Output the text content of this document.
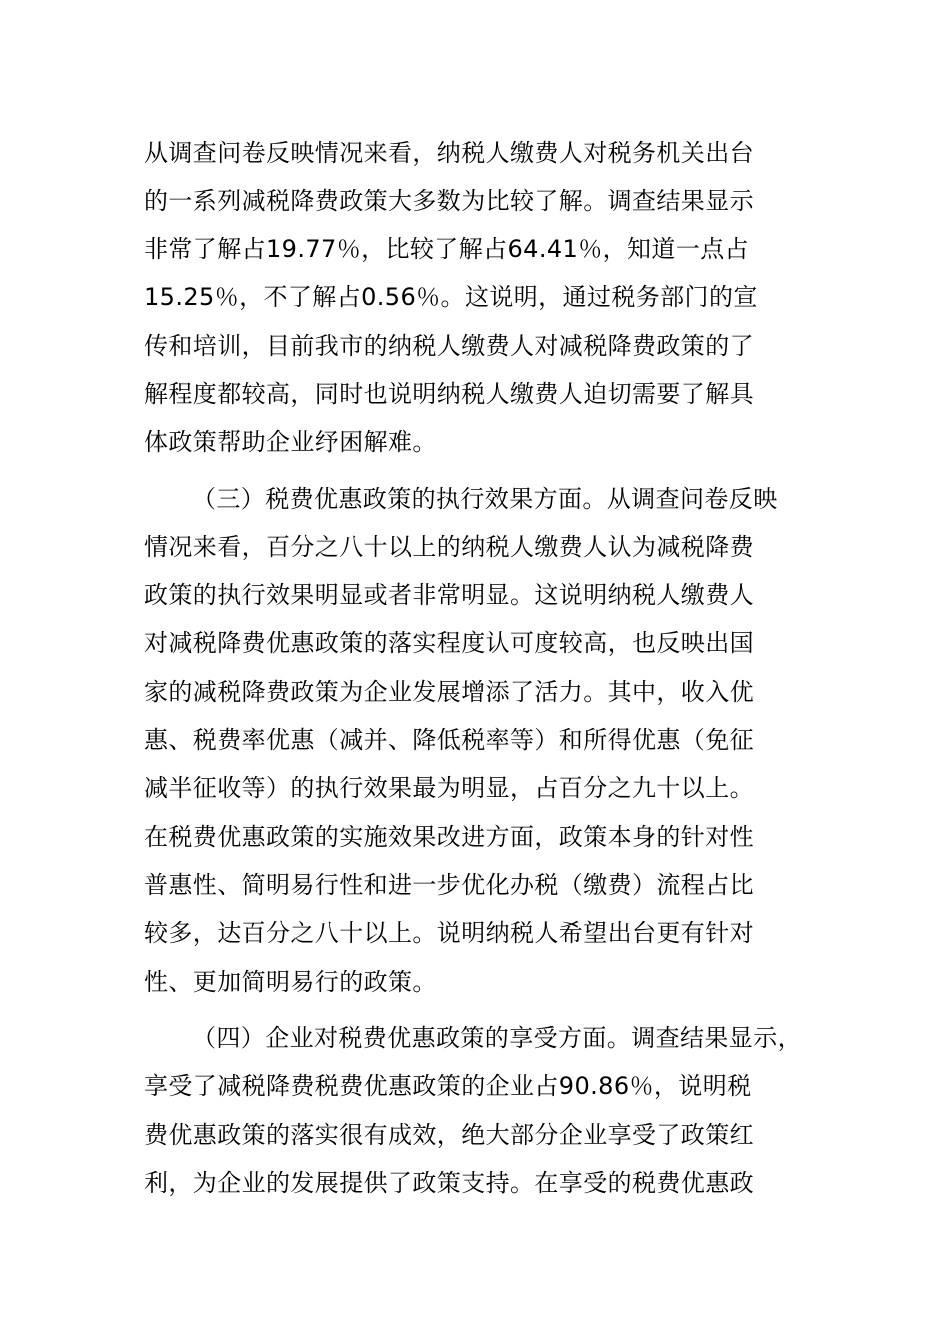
从调查问卷反映情况来看，纳税人缴费人对税务机关出台
的一系列减税降费政策大多数为比较了解。调查结果显示
非常了解占19.77％，比较了解占64.41％，知道一点占
15.25％，不了解占0.56％。这说明，通过税务部门的宣
传和培训，目前我市的纳税人缴费人对减税降费政策的了
解程度都较高，同时也说明纳税人缴费人迫切需要了解具
体政策帮助企业纾困解难。
（三）税费优惠政策的执行效果方面。从调查问卷反映
情况来看，百分之八十以上的纳税人缴费人认为减税降费
政策的执行效果明显或者非常明显。这说明纳税人缴费人
对减税降费优惠政策的落实程度认可度较高，也反映出国
家的减税降费政策为企业发展增添了活力。其中，收入优
惠、税费率优惠（减并、降低税率等）和所得优惠（免征
减半征收等）的执行效果最为明显，占百分之九十以上。
在税费优惠政策的实施效果改进方面，政策本身的针对性
普惠性、简明易行性和进一步优化办税（缴费）流程占比
较多，达百分之八十以上。说明纳税人希望出台更有针对
性、更加简明易行的政策。
（四）企业对税费优惠政策的享受方面。调查结果显示，
享受了减税降费税费优惠政策的企业占90.86％，说明税
费优惠政策的落实很有成效，绝大部分企业享受了政策红
利，为企业的发展提供了政策支持。在享受的税费优惠政
